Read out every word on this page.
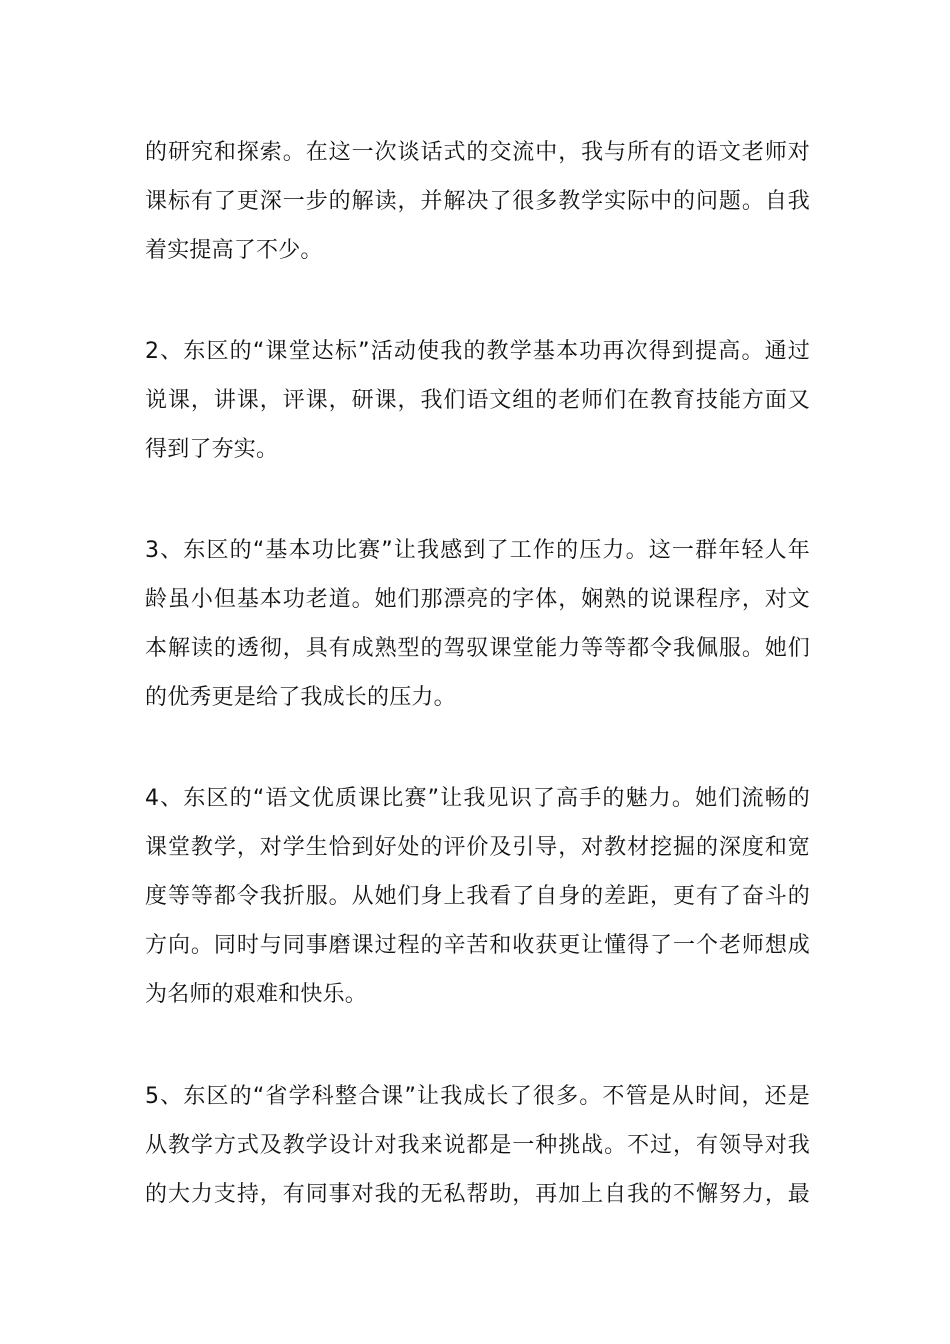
的研究和探索。在这一次谈话式的交流中，我与所有的语文老师对
课标有了更深一步的解读，并解决了很多教学实际中的问题。自我
着实提高了不少。
2、东区的“课堂达标”活动使我的教学基本功再次得到提高。通过
说课，讲课，评课，研课，我们语文组的老师们在教育技能方面又
得到了夯实。
3、东区的“基本功比赛”让我感到了工作的压力。这一群年轻人年
龄虽小但基本功老道。她们那漂亮的字体，娴熟的说课程序，对文
本解读的透彻，具有成熟型的驾驭课堂能力等等都令我佩服。她们
的优秀更是给了我成长的压力。
4、东区的“语文优质课比赛”让我见识了高手的魅力。她们流畅的
课堂教学，对学生恰到好处的评价及引导，对教材挖掘的深度和宽
度等等都令我折服。从她们身上我看了自身的差距，更有了奋斗的
方向。同时与同事磨课过程的辛苦和收获更让懂得了一个老师想成
为名师的艰难和快乐。
5、东区的“省学科整合课”让我成长了很多。不管是从时间，还是
从教学方式及教学设计对我来说都是一种挑战。不过，有领导对我
的大力支持，有同事对我的无私帮助，再加上自我的不懈努力，最
